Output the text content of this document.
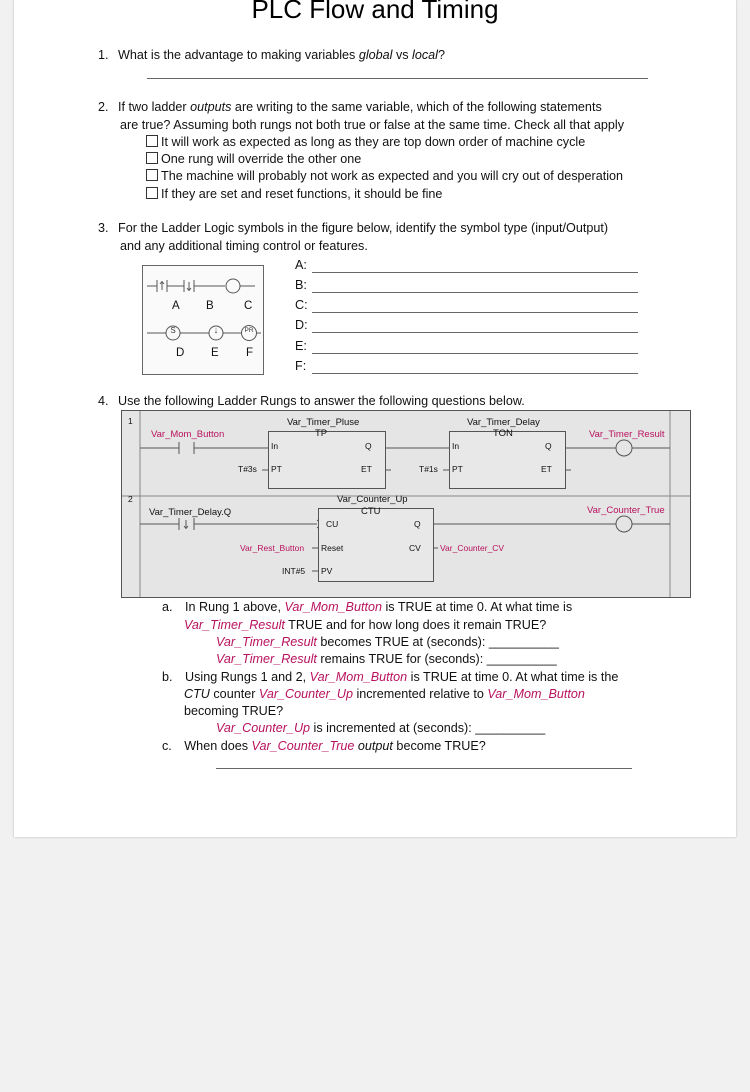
PLC Flow and Timing
1. What is the advantage to making variables global vs local?
2. If two ladder outputs are writing to the same variable, which of the following statements
are true? Assuming both rungs not both true or false at the same time. Check all that apply
It will work as expected as long as they are top down order of machine cycle
One rung will override the other one
The machine will probably not work as expected and you will cry out of desperation
If they are set and reset functions, it should be fine
3. For the Ladder Logic symbols in the figure below, identify the symbol type (input/Output)
and any additional timing control or features.
S	↓	PR
A B	C
D E F
A:
B:
C:
D:
E:
F:
4. Use the following Ladder Rungs to answer the following questions below.
1
2
Var_Mom_Button
Var_Timer_Pluse
TP
In	Q
PT	ET
T#3s
Var_Timer_Delay
TON
In	Q
PT	ET
T#1s
Var_Timer_Result
Var_Timer_Delay.Q
Var_Counter_Up
CTU
CU	Q
Reset	CV
PV
Var_Rest_Button
INT#5
Var_Counter_CV
Var_Counter_True
a. In Rung 1 above, Var_Mom_Button is TRUE at time 0. At what time is
Var_Timer_Result TRUE and for how long does it remain TRUE?
Var_Timer_Result becomes TRUE at (seconds): __________
Var_Timer_Result remains TRUE for (seconds): __________
b. Using Rungs 1 and 2, Var_Mom_Button is TRUE at time 0. At what time is the
CTU counter Var_Counter_Up incremented relative to Var_Mom_Button
becoming TRUE?
Var_Counter_Up is incremented at (seconds): __________
c. When does Var_Counter_True output become TRUE?
